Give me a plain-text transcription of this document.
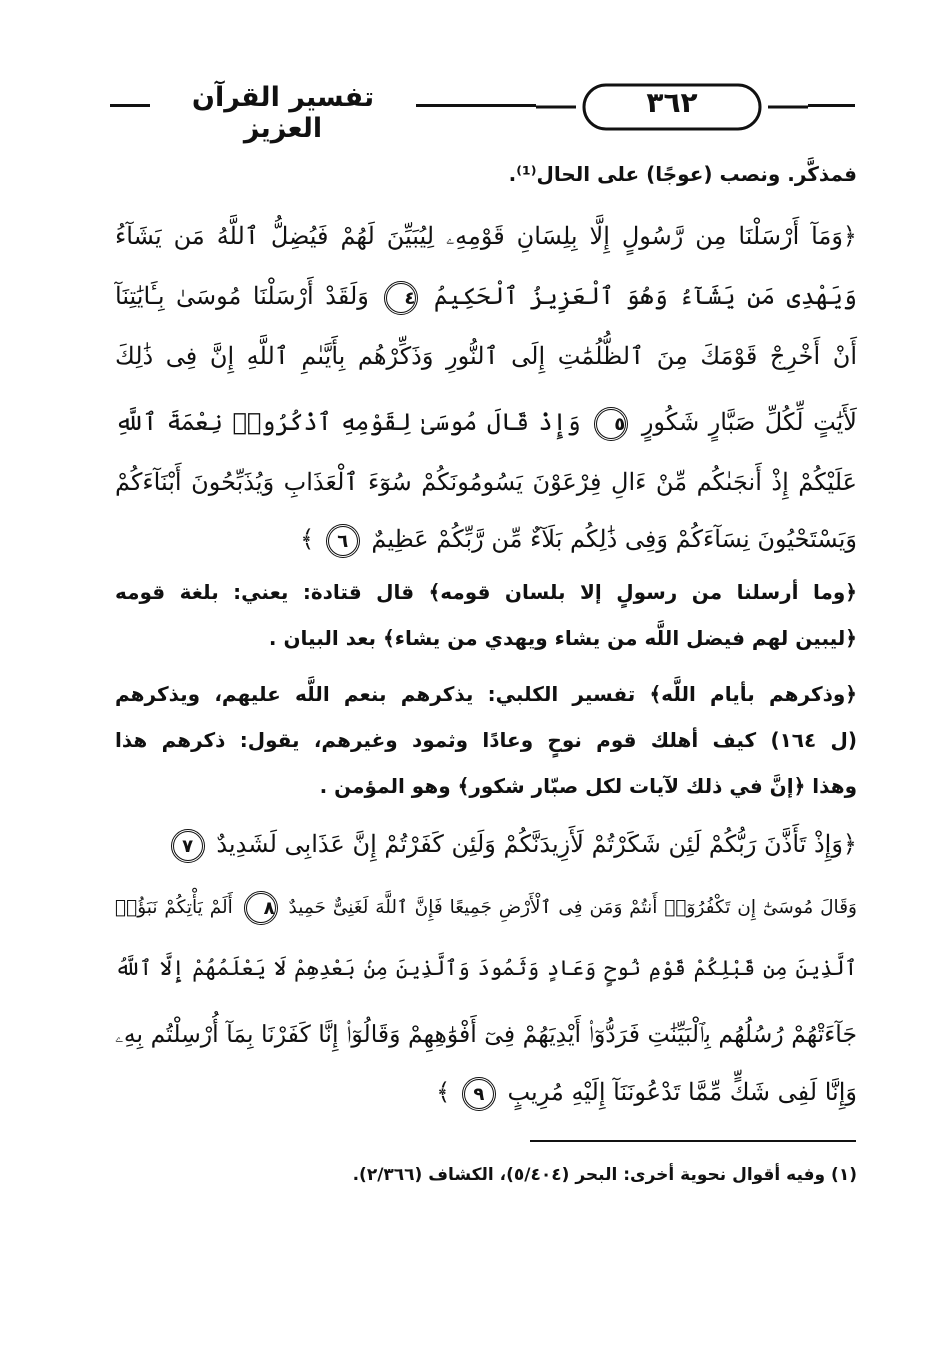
تفسير القرآن العزيز
٣٦٢
فمذكَّر. ونصب (عوجًا) على الحال⁽¹⁾.
﴿وَمَآ أَرْسَلْنَا مِن رَّسُولٍ إِلَّا بِلِسَانِ قَوْمِهِۦ لِيُبَيِّنَ لَهُمْ فَيُضِلُّ ٱللَّهُ مَن يَشَآءُ
وَيَهْدِى مَن يَشَآءُ وَهُوَ ٱلْعَزِيزُ ٱلْحَكِيمُ ٤ وَلَقَدْ أَرْسَلْنَا مُوسَىٰ بِـَٔايَٰتِنَآ
أَنْ أَخْرِجْ قَوْمَكَ مِنَ ٱلظُّلُمَٰتِ إِلَى ٱلنُّورِ وَذَكِّرْهُم بِأَيَّىٰمِ ٱللَّهِ إِنَّ فِى ذَٰلِكَ
لَأَيَٰتٍ لِّكُلِّ صَبَّارٍ شَكُورٍ ٥ وَإِذْ قَالَ مُوسَىٰ لِقَوْمِهِ ٱذْكُرُوا۟ نِعْمَةَ ٱللَّهِ
عَلَيْكُمْ إِذْ أَنجَىٰكُم مِّنْ ءَالِ فِرْعَوْنَ يَسُومُونَكُمْ سُوٓءَ ٱلْعَذَابِ وَيُذَبِّحُونَ أَبْنَآءَكُمْ
وَيَسْتَحْيُونَ نِسَآءَكُمْ وَفِى ذَٰلِكُم بَلَآءٌ مِّن رَّبِّكُمْ عَظِيمٌ ٦ ﴾
﴿وما أرسلنا من رسولٍ إلا بلسان قومه﴾ قال قتادة: يعني: بلغة قومه
﴿ليبين لهم فيضل اللَّه من يشاء ويهدي من يشاء﴾ بعد البيان .
﴿وذكرهم بأيام اللَّه﴾ تفسير الكلبي: يذكرهم بنعم اللَّه عليهم، ويذكرهم
(ل ١٦٤) كيف أهلك قوم نوحٍ وعادًا وثمود وغيرهم، يقول: ذكرهم هذا
وهذا ﴿إنَّ في ذلك لآيات لكل صبّار شكور﴾ وهو المؤمن .
﴿وَإِذْ تَأَذَّنَ رَبُّكُمْ لَئِن شَكَرْتُمْ لَأَزِيدَنَّكُمْ وَلَئِن كَفَرْتُمْ إِنَّ عَذَابِى لَشَدِيدٌ ٧
وَقَالَ مُوسَىٰٓ إِن تَكْفُرُوٓا۟ أَنتُمْ وَمَن فِى ٱلْأَرْضِ جَمِيعًا فَإِنَّ ٱللَّهَ لَغَنِىٌّ حَمِيدٌ ٨ أَلَمْ يَأْتِكُمْ نَبَؤُا۟
ٱلَّذِينَ مِن قَبْلِكُمْ قَوْمِ نُوحٍ وَعَادٍ وَثَمُودَ وَٱلَّذِينَ مِنۢ بَعْدِهِمْ لَا يَعْلَمُهُمْ إِلَّا ٱللَّهُ
جَآءَتْهُمْ رُسُلُهُم بِٱلْبَيِّنَٰتِ فَرَدُّوٓا۟ أَيْدِيَهُمْ فِىٓ أَفْوَٰهِهِمْ وَقَالُوٓا۟ إِنَّا كَفَرْنَا بِمَآ أُرْسِلْتُم بِهِۦ
وَإِنَّا لَفِى شَكٍّ مِّمَّا تَدْعُونَنَآ إِلَيْهِ مُرِيبٍ ٩ ﴾
(١) وفيه أقوال نحوية أخرى: البحر (٥/٤٠٤)، الكشاف (٢/٣٦٦).
